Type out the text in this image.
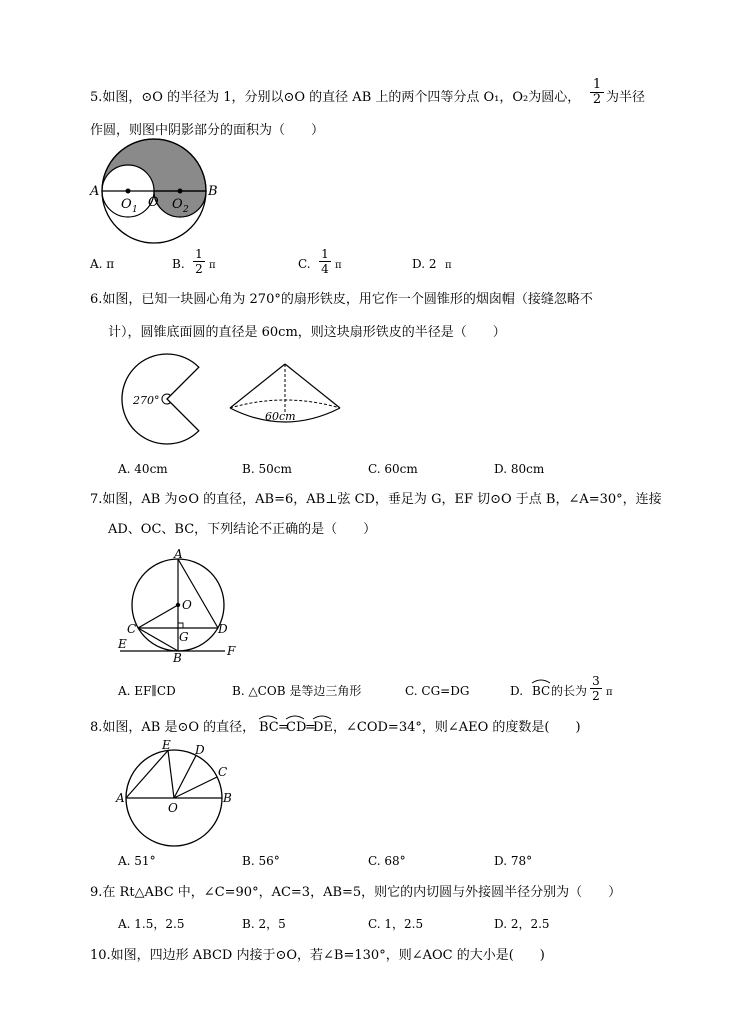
5.如图，⊙O 的半径为 1，分别以⊙O 的直径 AB 上的两个四等分点 O₁，O₂为圆心， $\frac{1}{2}$ 为半径
作圆，则图中阴影部分的面积为（　　）
A	B
O
O 1	O 2
A. π	B. $\frac{1}{2}$ π	C. $\frac{1}{4}$ π	D. 2 π
6.如图，已知一块圆心角为 270°的扇形铁皮，用它作一个圆锥形的烟囱帽（接缝忽略不
计），圆锥底面圆的直径是 60cm，则这块扇形铁皮的半径是（　　）
270°
60cm
A. 40cm	B. 50cm	C. 60cm	D. 80cm
7.如图，AB 为⊙O 的直径，AB=6，AB⊥弦 CD，垂足为 G，EF 切⊙O 于点 B，∠A=30°，连接
AD、OC、BC，下列结论不正确的是（　　）
A
O
C
G
D
E
B	F
A. EF∥CD	B. △COB 是等边三角形	C. CG=DG	D. BC 的长为 $\frac{3}{2}$ π
8.如图，AB 是⊙O 的直径， BC =
CD
=
DE ，∠COD=34°，则∠AEO 的度数是(　　)
E D
C
A
O
B
A. 51°	B. 56°	C. 68°	D. 78°
9.在 Rt△ABC 中，∠C=90°，AC=3，AB=5，则它的内切圆与外接圆半径分别为（　　）
A. 1.5，2.5	B. 2，5	C. 1，2.5	D. 2，2.5
10.如图，四边形 ABCD 内接于⊙O，若∠B=130°，则∠AOC 的大小是(　　)
